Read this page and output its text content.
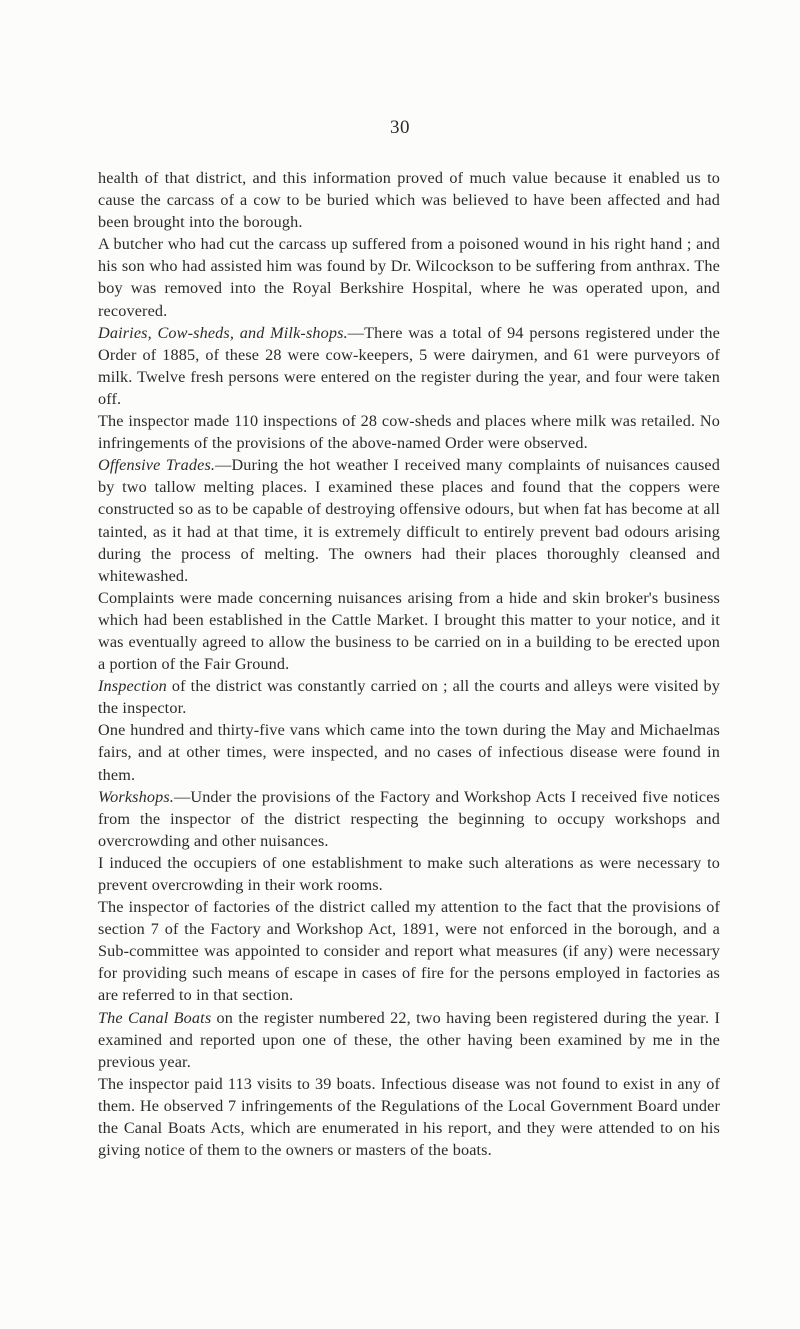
30

health of that district, and this information proved of much value because it enabled us to cause the carcass of a cow to be buried which was believed to have been affected and had been brought into the borough.

A butcher who had cut the carcass up suffered from a poisoned wound in his right hand ; and his son who had assisted him was found by Dr. Wilcockson to be suffering from anthrax. The boy was removed into the Royal Berkshire Hospital, where he was operated upon, and recovered.

Dairies, Cow-sheds, and Milk-shops.—There was a total of 94 persons registered under the Order of 1885, of these 28 were cow-keepers, 5 were dairymen, and 61 were purveyors of milk. Twelve fresh persons were entered on the register during the year, and four were taken off.

The inspector made 110 inspections of 28 cow-sheds and places where milk was retailed. No infringements of the provisions of the above-named Order were observed.

Offensive Trades.—During the hot weather I received many complaints of nuisances caused by two tallow melting places. I examined these places and found that the coppers were constructed so as to be capable of destroying offensive odours, but when fat has become at all tainted, as it had at that time, it is extremely difficult to entirely prevent bad odours arising during the process of melting. The owners had their places thoroughly cleansed and whitewashed.

Complaints were made concerning nuisances arising from a hide and skin broker's business which had been established in the Cattle Market. I brought this matter to your notice, and it was eventually agreed to allow the business to be carried on in a building to be erected upon a portion of the Fair Ground.

Inspection of the district was constantly carried on ; all the courts and alleys were visited by the inspector.

One hundred and thirty-five vans which came into the town during the May and Michaelmas fairs, and at other times, were inspected, and no cases of infectious disease were found in them.

Workshops.—Under the provisions of the Factory and Workshop Acts I received five notices from the inspector of the district respecting the beginning to occupy workshops and overcrowding and other nuisances.

I induced the occupiers of one establishment to make such alterations as were necessary to prevent overcrowding in their work rooms.

The inspector of factories of the district called my attention to the fact that the provisions of section 7 of the Factory and Workshop Act, 1891, were not enforced in the borough, and a Sub-committee was appointed to consider and report what measures (if any) were necessary for providing such means of escape in cases of fire for the persons employed in factories as are referred to in that section.

The Canal Boats on the register numbered 22, two having been registered during the year. I examined and reported upon one of these, the other having been examined by me in the previous year.

The inspector paid 113 visits to 39 boats. Infectious disease was not found to exist in any of them. He observed 7 infringements of the Regulations of the Local Government Board under the Canal Boats Acts, which are enumerated in his report, and they were attended to on his giving notice of them to the owners or masters of the boats.
